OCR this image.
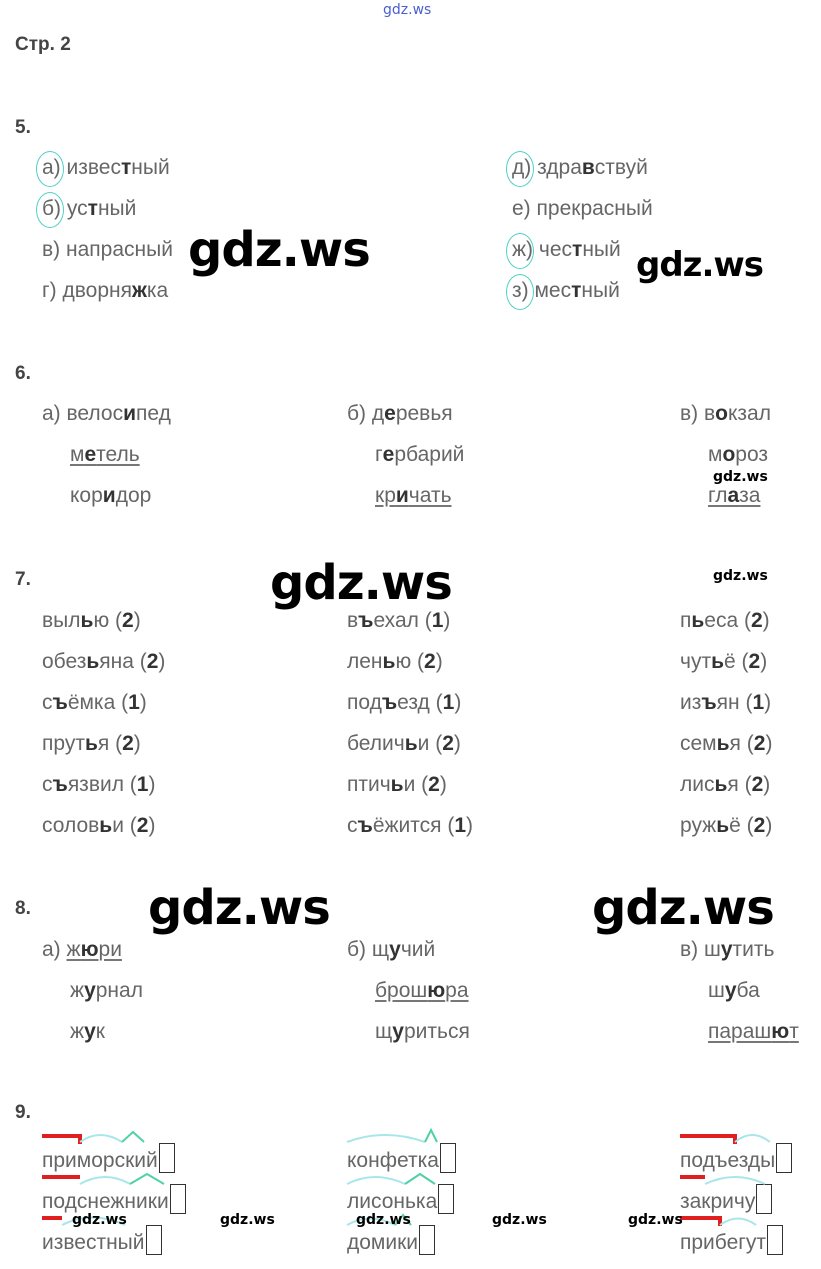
gdz.ws
Стр. 2
5.
а) известный
б) устный
в) напрасный
г) дворняжка
д) здравствуй
е) прекрасный
ж) честный
з) местный
6.
а) велосипед
метель
коридор
б) деревья
гербарий
кричать
в) вокзал
мороз
глаза
7.
вылью (2)
обезьяна (2)
съёмка (1)
прутья (2)
съязвил (1)
соловьи (2)
въехал (1)
ленью (2)
подъезд (1)
беличьи (2)
птичьи (2)
съёжится (1)
пьеса (2)
чутьё (2)
изъян (1)
семья (2)
лисья (2)
ружьё (2)
8.
а) жюри
журнал
жук
б) щучий
брошюра
щуриться
в) шутить
шуба
парашют
9.
приморский
подснежники
известный
конфетка
лисонька
домики
подъезды
закричу
прибегут
gdz.ws	gdz.ws
gdz.ws
gdz.ws	gdz.ws
gdz.ws	gdz.ws
gdz.ws	gdz.ws	gdz.ws	gdz.ws	gdz.ws
